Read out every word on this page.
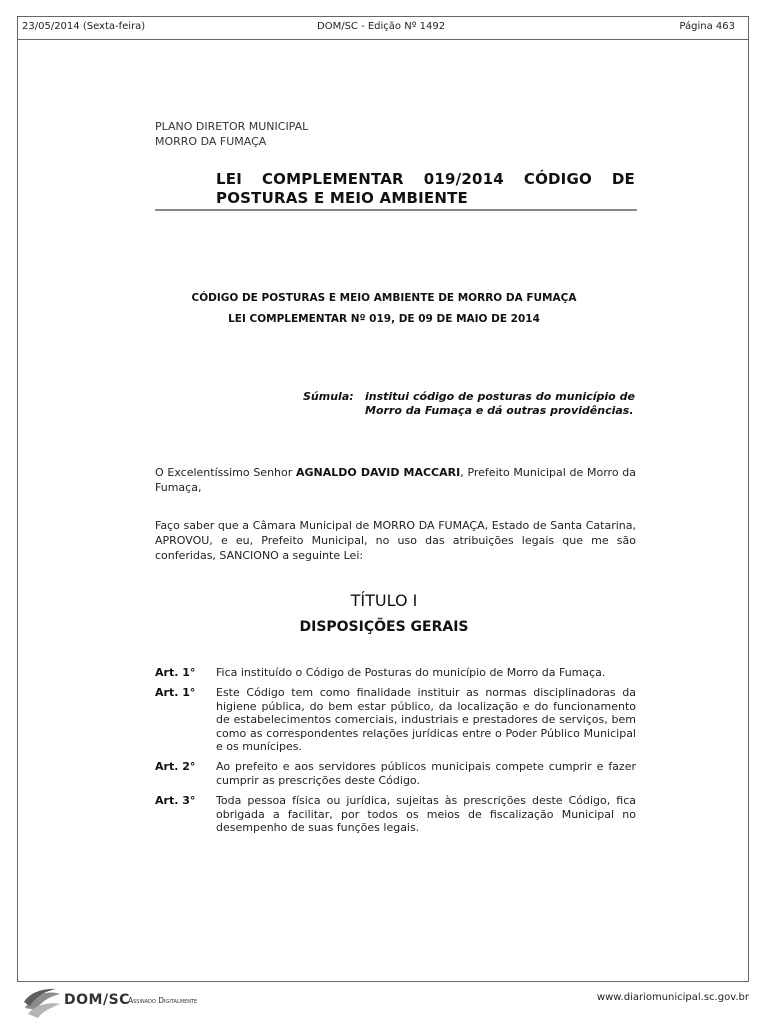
23/05/2014 (Sexta-feira)	DOM/SC - Edição Nº 1492	Página 463
PLANO DIRETOR MUNICIPAL
MORRO DA FUMAÇA
LEI COMPLEMENTAR 019/2014 CÓDIGO DE POSTURAS E MEIO AMBIENTE
CÓDIGO DE POSTURAS E MEIO AMBIENTE DE MORRO DA FUMAÇA
LEI COMPLEMENTAR Nº 019, DE 09 DE MAIO DE 2014
Súmula: institui código de posturas do município de Morro da Fumaça e dá outras providências.
O Excelentíssimo Senhor AGNALDO DAVID MACCARI, Prefeito Municipal de Morro da Fumaça,
Faço saber que a Câmara Municipal de MORRO DA FUMAÇA, Estado de Santa Catarina, APROVOU, e eu, Prefeito Municipal, no uso das atribuições legais que me são conferidas, SANCIONO a seguinte Lei:
TÍTULO I
DISPOSIÇÕES GERAIS
Art. 1° Fica instituído o Código de Posturas do município de Morro da Fumaça.
Art. 1° Este Código tem como finalidade instituir as normas disciplinadoras da higiene pública, do bem estar público, da localização e do funcionamento de estabelecimentos comerciais, industriais e prestadores de serviços, bem como as correspondentes relações jurídicas entre o Poder Público Municipal e os munícipes.
Art. 2° Ao prefeito e aos servidores públicos municipais compete cumprir e fazer cumprir as prescrições deste Código.
Art. 3° Toda pessoa física ou jurídica, sujeitas às prescrições deste Código, fica obrigada a facilitar, por todos os meios de fiscalização Municipal no desempenho de suas funções legais.
DOM/SC
Assinado Digitalmente	www.diariomunicipal.sc.gov.br
